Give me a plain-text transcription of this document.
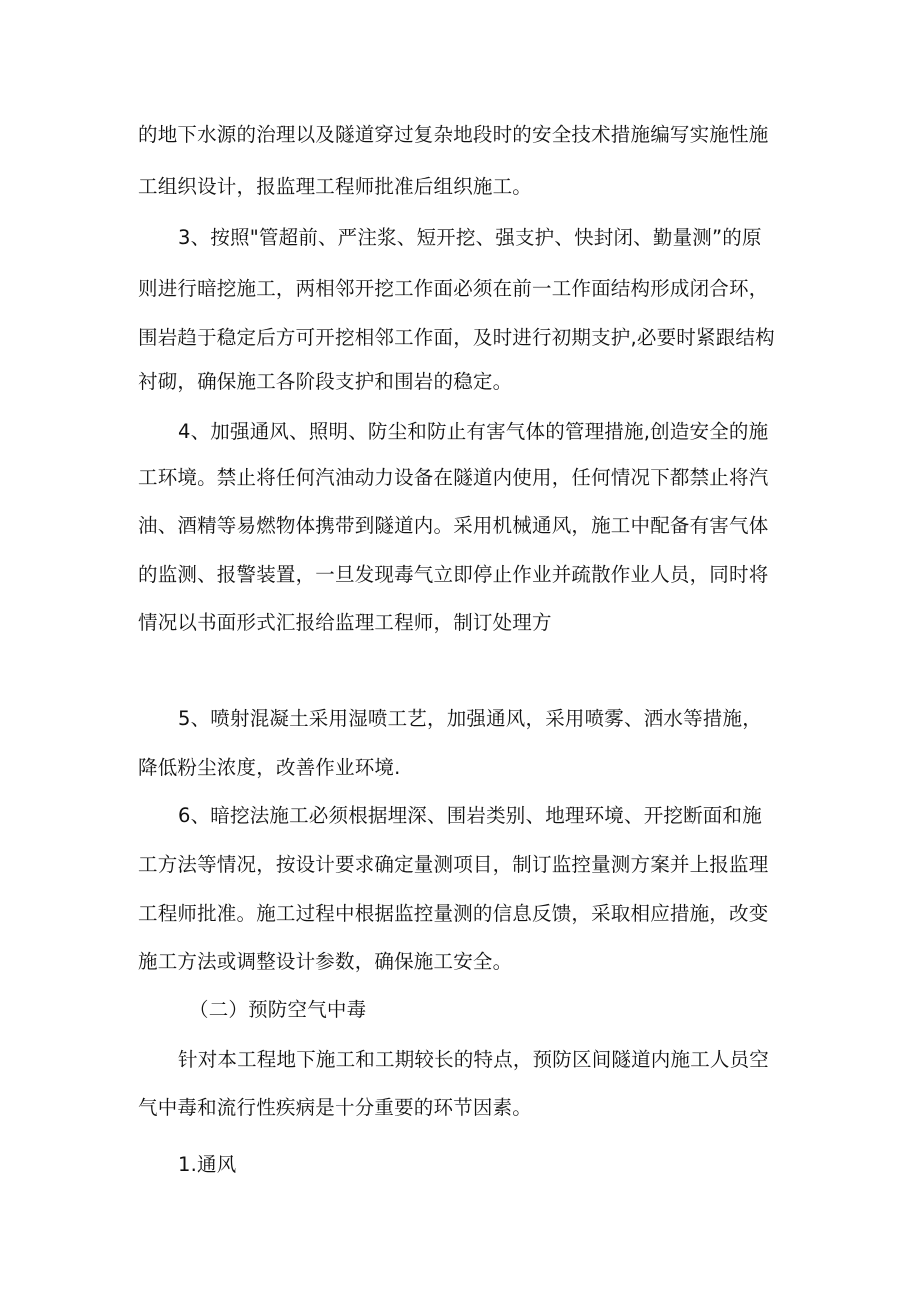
的地下水源的治理以及隧道穿过复杂地段时的安全技术措施编写实施性施
工组织设计，报监理工程师批准后组织施工。
3、按照"管超前、严注浆、短开挖、强支护、快封闭、勤量测”的原
则进行暗挖施工，两相邻开挖工作面必须在前一工作面结构形成闭合环，
围岩趋于稳定后方可开挖相邻工作面，及时进行初期支护,必要时紧跟结构
衬砌，确保施工各阶段支护和围岩的稳定。
4、加强通风、照明、防尘和防止有害气体的管理措施,创造安全的施
工环境。禁止将任何汽油动力设备在隧道内使用，任何情况下都禁止将汽
油、酒精等易燃物体携带到隧道内。采用机械通风，施工中配备有害气体
的监测、报警装置，一旦发现毒气立即停止作业并疏散作业人员，同时将
情况以书面形式汇报给监理工程师，制订处理方
5、喷射混凝土采用湿喷工艺，加强通风，采用喷雾、洒水等措施，
降低粉尘浓度，改善作业环境.
6、暗挖法施工必须根据埋深、围岩类别、地理环境、开挖断面和施
工方法等情况，按设计要求确定量测项目，制订监控量测方案并上报监理
工程师批准。施工过程中根据监控量测的信息反馈，采取相应措施，改变
施工方法或调整设计参数，确保施工安全。
（二）预防空气中毒
针对本工程地下施工和工期较长的特点，预防区间隧道内施工人员空
气中毒和流行性疾病是十分重要的环节因素。
1.通风
